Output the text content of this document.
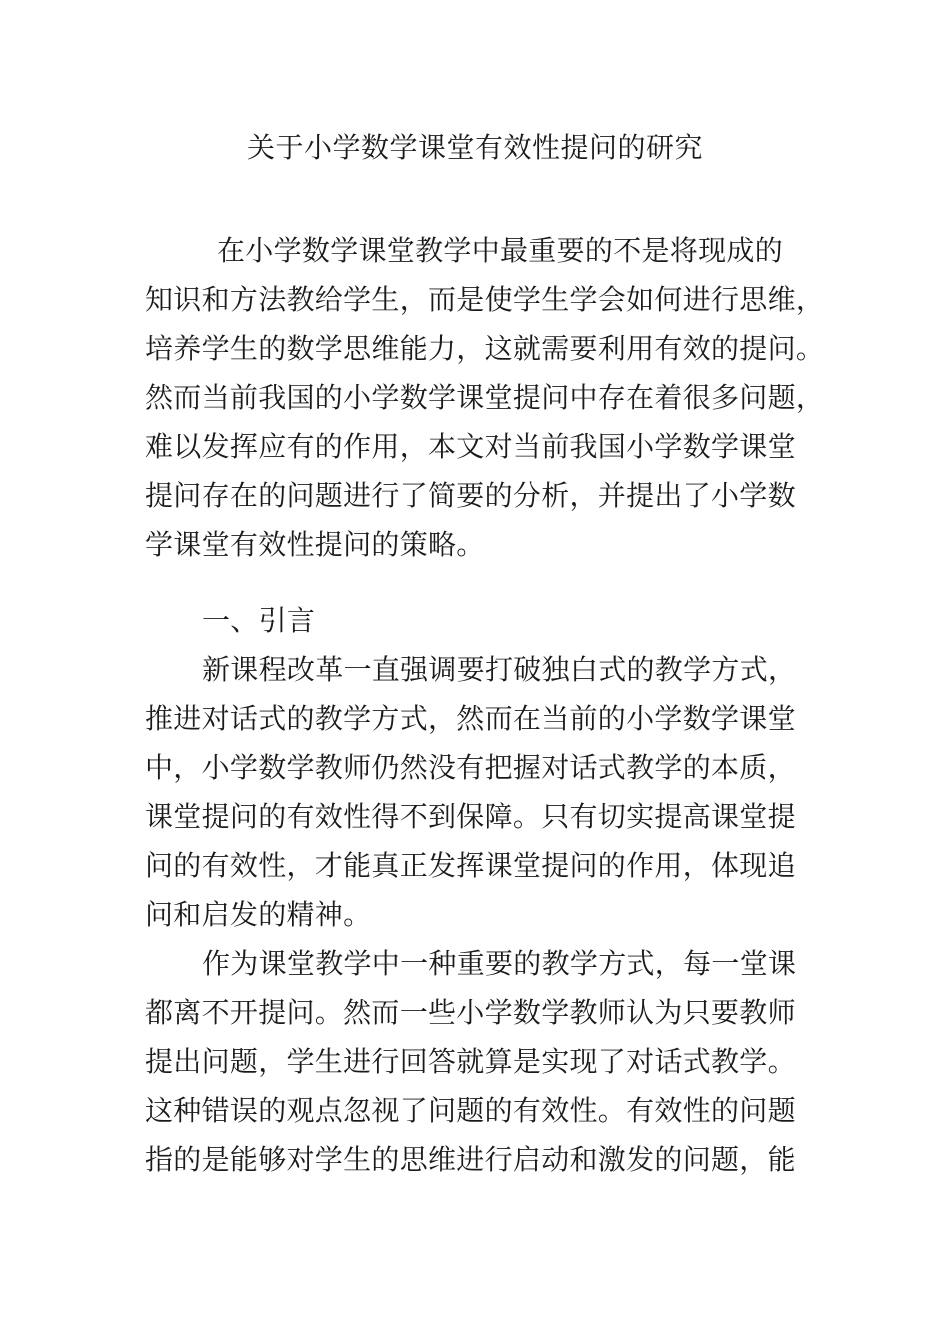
关于小学数学课堂有效性提问的研究
在小学数学课堂教学中最重要的不是将现成的
知识和方法教给学生，而是使学生学会如何进行思维，
培养学生的数学思维能力，这就需要利用有效的提问。
然而当前我国的小学数学课堂提问中存在着很多问题，
难以发挥应有的作用，本文对当前我国小学数学课堂
提问存在的问题进行了简要的分析，并提出了小学数
学课堂有效性提问的策略。
一、引言
新课程改革一直强调要打破独白式的教学方式，
推进对话式的教学方式，然而在当前的小学数学课堂
中，小学数学教师仍然没有把握对话式教学的本质，
课堂提问的有效性得不到保障。只有切实提高课堂提
问的有效性，才能真正发挥课堂提问的作用，体现追
问和启发的精神。
作为课堂教学中一种重要的教学方式，每一堂课
都离不开提问。然而一些小学数学教师认为只要教师
提出问题，学生进行回答就算是实现了对话式教学。
这种错误的观点忽视了问题的有效性。有效性的问题
指的是能够对学生的思维进行启动和激发的问题，能
